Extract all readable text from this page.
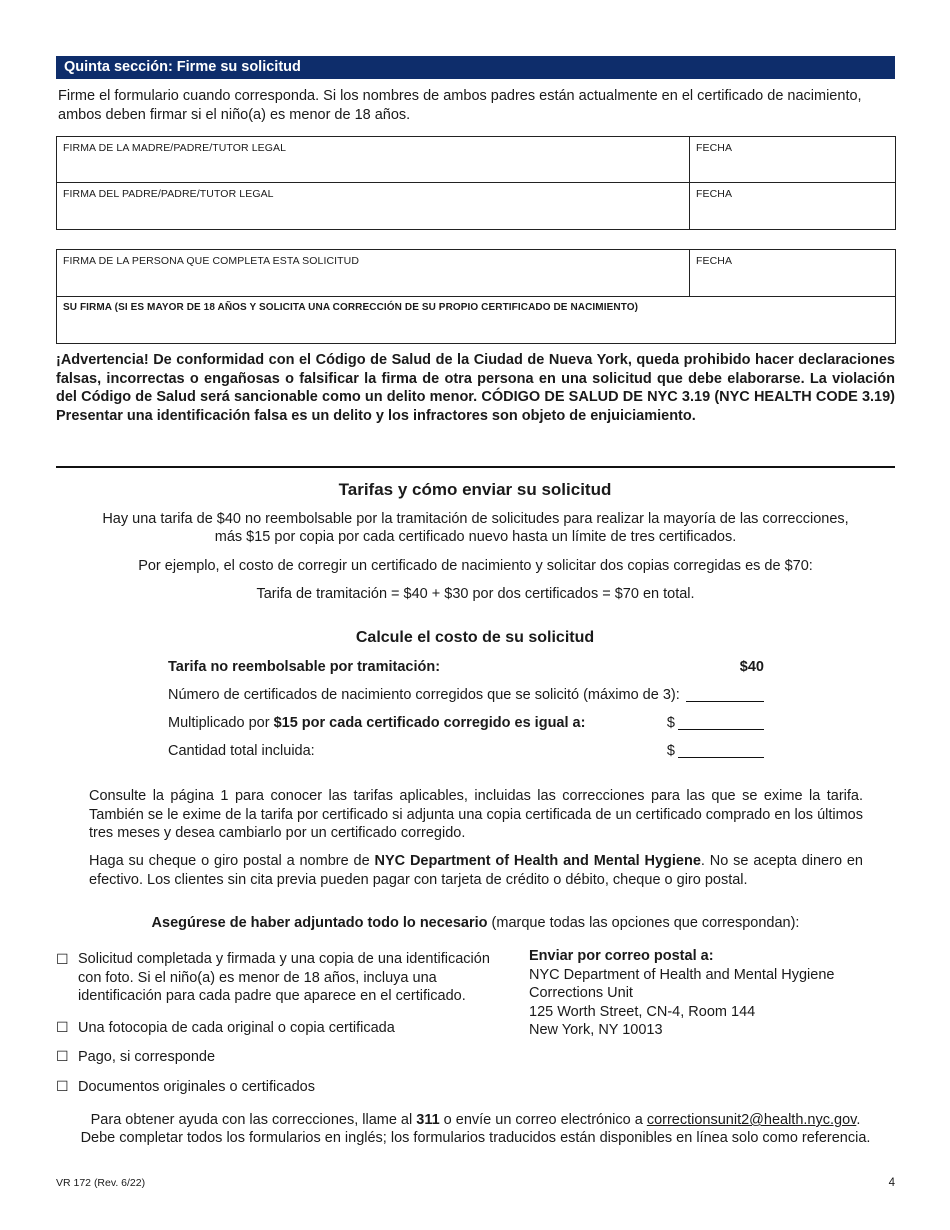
Quinta sección: Firme su solicitud
Firme el formulario cuando corresponda. Si los nombres de ambos padres están actualmente en el certificado de nacimiento, ambos deben firmar si el niño(a) es menor de 18 años.
FIRMA DE LA MADRE/PADRE/TUTOR LEGAL	FECHA
FIRMA DEL PADRE/PADRE/TUTOR LEGAL	FECHA
FIRMA DE LA PERSONA QUE COMPLETA ESTA SOLICITUD	FECHA
SU FIRMA (SI ES MAYOR DE 18 AÑOS Y SOLICITA UNA CORRECCIÓN DE SU PROPIO CERTIFICADO DE NACIMIENTO)
¡Advertencia! De conformidad con el Código de Salud de la Ciudad de Nueva York, queda prohibido hacer declaraciones falsas, incorrectas o engañosas o falsificar la firma de otra persona en una solicitud que debe elaborarse. La violación del Código de Salud será sancionable como un delito menor. CÓDIGO DE SALUD DE NYC 3.19 (NYC HEALTH CODE 3.19) Presentar una identificación falsa es un delito y los infractores son objeto de enjuiciamiento.
Tarifas y cómo enviar su solicitud
Hay una tarifa de $40 no reembolsable por la tramitación de solicitudes para realizar la mayoría de las correcciones,
más $15 por copia por cada certificado nuevo hasta un límite de tres certificados.
Por ejemplo, el costo de corregir un certificado de nacimiento y solicitar dos copias corregidas es de $70:
Tarifa de tramitación = $40 + $30 por dos certificados = $70 en total.
Calcule el costo de su solicitud
Tarifa no reembolsable por tramitación:	$40
Número de certificados de nacimiento corregidos que se solicitó (máximo de 3):
Multiplicado por $15 por cada certificado corregido es igual a:	$
Cantidad total incluida:	$
Consulte la página 1 para conocer las tarifas aplicables, incluidas las correcciones para las que se exime la tarifa. También se le exime de la tarifa por certificado si adjunta una copia certificada de un certificado comprado en los últimos tres meses y desea cambiarlo por un certificado corregido.
Haga su cheque o giro postal a nombre de NYC Department of Health and Mental Hygiene. No se acepta dinero en efectivo. Los clientes sin cita previa pueden pagar con tarjeta de crédito o débito, cheque o giro postal.
Asegúrese de haber adjuntado todo lo necesario (marque todas las opciones que correspondan):
☐ Solicitud completada y firmada y una copia de una identificación con foto. Si el niño(a) es menor de 18 años, incluya una identificación para cada padre que aparece en el certificado.
☐ Una fotocopia de cada original o copia certificada
☐ Pago, si corresponde
☐ Documentos originales o certificados
Enviar por correo postal a:
NYC Department of Health and Mental Hygiene
Corrections Unit
125 Worth Street, CN-4, Room 144
New York, NY 10013
Para obtener ayuda con las correcciones, llame al 311 o envíe un correo electrónico a correctionsunit2@health.nyc.gov.
Debe completar todos los formularios en inglés; los formularios traducidos están disponibles en línea solo como referencia.
VR 172 (Rev. 6/22)	4
